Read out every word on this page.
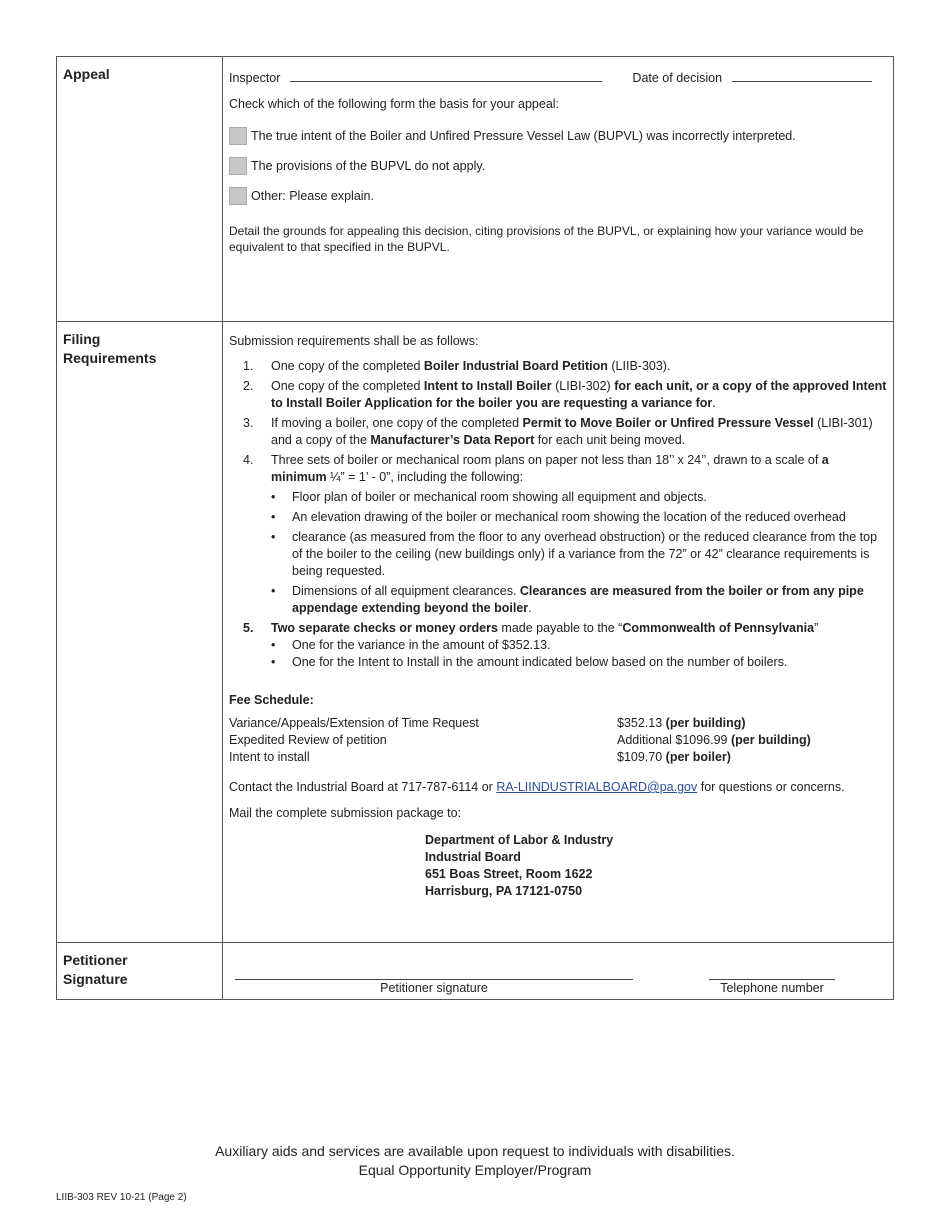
Appeal	Inspector	Date of decision
Check which of the following form the basis for your appeal:
The true intent of the Boiler and Unfired Pressure Vessel Law (BUPVL) was incorrectly interpreted.
The provisions of the BUPVL do not apply.
Other: Please explain.
Detail the grounds for appealing this decision, citing provisions of the BUPVL, or explaining how your variance would be equivalent to that specified in the BUPVL.
Filing Requirements
Submission requirements shall be as follows:
1.	One copy of the completed Boiler Industrial Board Petition (LIIB-303).
2.	One copy of the completed Intent to Install Boiler (LIBI-302) for each unit, or a copy of the approved Intent to Install Boiler Application for the boiler you are requesting a variance for.
3.	If moving a boiler, one copy of the completed Permit to Move Boiler or Unfired Pressure Vessel (LIBI-301) and a copy of the Manufacturer’s Data Report for each unit being moved.
4.	Three sets of boiler or mechanical room plans on paper not less than 18’’ x 24’’, drawn to a scale of a minimum ¼” = 1’ - 0”, including the following:
•	Floor plan of boiler or mechanical room showing all equipment and objects.
•	An elevation drawing of the boiler or mechanical room showing the location of the reduced overhead
•	clearance (as measured from the floor to any overhead obstruction) or the reduced clearance from the top of the boiler to the ceiling (new buildings only) if a variance from the 72” or 42” clearance requirements is being requested.
•	Dimensions of all equipment clearances. Clearances are measured from the boiler or from any pipe appendage extending beyond the boiler.
5.	Two separate checks or money orders made payable to the “Commonwealth of Pennsylvania”
•	One for the variance in the amount of $352.13.
•	One for the Intent to Install in the amount indicated below based on the number of boilers.
Fee Schedule:
Variance/Appeals/Extension of Time Request	$352.13 (per building)
Expedited Review of petition	Additional $1096.99 (per building)
Intent to install	$109.70 (per boiler)
Contact the Industrial Board at 717-787-6114 or RA-LIINDUSTRIALBOARD@pa.gov for questions or concerns.
Mail the complete submission package to:
Department of Labor & Industry
Industrial Board
651 Boas Street, Room 1622
Harrisburg, PA 17121-0750
Petitioner Signature
Petitioner signature	Telephone number
Auxiliary aids and services are available upon request to individuals with disabilities.
Equal Opportunity Employer/Program
LIIB-303 REV 10-21 (Page 2)
